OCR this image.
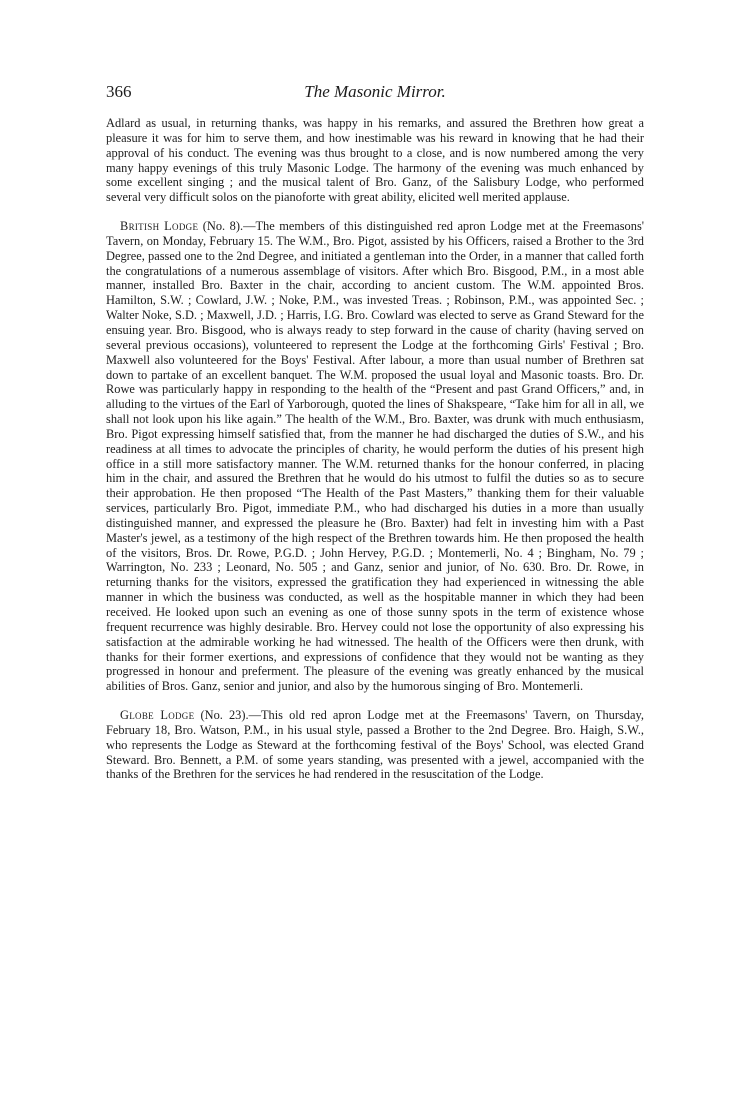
366	The Masonic Mirror.

Adlard as usual, in returning thanks, was happy in his remarks, and assured the Brethren how great a pleasure it was for him to serve them, and how inestimable was his reward in knowing that he had their approval of his conduct. The evening was thus brought to a close, and is now numbered among the very many happy evenings of this truly Masonic Lodge. The harmony of the evening was much enhanced by some excellent singing ; and the musical talent of Bro. Ganz, of the Salisbury Lodge, who performed several very difficult solos on the pianoforte with great ability, elicited well merited applause.

British Lodge (No. 8).—The members of this distinguished red apron Lodge met at the Freemasons' Tavern, on Monday, February 15. The W.M., Bro. Pigot, assisted by his Officers, raised a Brother to the 3rd Degree, passed one to the 2nd Degree, and initiated a gentleman into the Order, in a manner that called forth the congratulations of a numerous assemblage of visitors. After which Bro. Bisgood, P.M., in a most able manner, installed Bro. Baxter in the chair, according to ancient custom. The W.M. appointed Bros. Hamilton, S.W. ; Cowlard, J.W. ; Noke, P.M., was invested Treas. ; Robinson, P.M., was appointed Sec. ; Walter Noke, S.D. ; Maxwell, J.D. ; Harris, I.G. Bro. Cowlard was elected to serve as Grand Steward for the ensuing year. Bro. Bisgood, who is always ready to step forward in the cause of charity (having served on several previous occasions), volunteered to represent the Lodge at the forthcoming Girls' Festival ; Bro. Maxwell also volunteered for the Boys' Festival. After labour, a more than usual number of Brethren sat down to partake of an excellent banquet. The W.M. proposed the usual loyal and Masonic toasts. Bro. Dr. Rowe was particularly happy in responding to the health of the “Present and past Grand Officers,” and, in alluding to the virtues of the Earl of Yarborough, quoted the lines of Shakspeare, “Take him for all in all, we shall not look upon his like again.” The health of the W.M., Bro. Baxter, was drunk with much enthusiasm, Bro. Pigot expressing himself satisfied that, from the manner he had discharged the duties of S.W., and his readiness at all times to advocate the principles of charity, he would perform the duties of his present high office in a still more satisfactory manner. The W.M. returned thanks for the honour conferred, in placing him in the chair, and assured the Brethren that he would do his utmost to fulfil the duties so as to secure their approbation. He then proposed “The Health of the Past Masters,” thanking them for their valuable services, particularly Bro. Pigot, immediate P.M., who had discharged his duties in a more than usually distinguished manner, and expressed the pleasure he (Bro. Baxter) had felt in investing him with a Past Master's jewel, as a testimony of the high respect of the Brethren towards him. He then proposed the health of the visitors, Bros. Dr. Rowe, P.G.D. ; John Hervey, P.G.D. ; Montemerli, No. 4 ; Bingham, No. 79 ; Warrington, No. 233 ; Leonard, No. 505 ; and Ganz, senior and junior, of No. 630. Bro. Dr. Rowe, in returning thanks for the visitors, expressed the gratification they had experienced in witnessing the able manner in which the business was conducted, as well as the hospitable manner in which they had been received. He looked upon such an evening as one of those sunny spots in the term of existence whose frequent recurrence was highly desirable. Bro. Hervey could not lose the opportunity of also expressing his satisfaction at the admirable working he had witnessed. The health of the Officers were then drunk, with thanks for their former exertions, and expressions of confidence that they would not be wanting as they progressed in honour and preferment. The pleasure of the evening was greatly enhanced by the musical abilities of Bros. Ganz, senior and junior, and also by the humorous singing of Bro. Montemerli.

Globe Lodge (No. 23).—This old red apron Lodge met at the Freemasons' Tavern, on Thursday, February 18, Bro. Watson, P.M., in his usual style, passed a Brother to the 2nd Degree. Bro. Haigh, S.W., who represents the Lodge as Steward at the forthcoming festival of the Boys' School, was elected Grand Steward. Bro. Bennett, a P.M. of some years standing, was presented with a jewel, accompanied with the thanks of the Brethren for the services he had rendered in the resuscitation of the Lodge.
